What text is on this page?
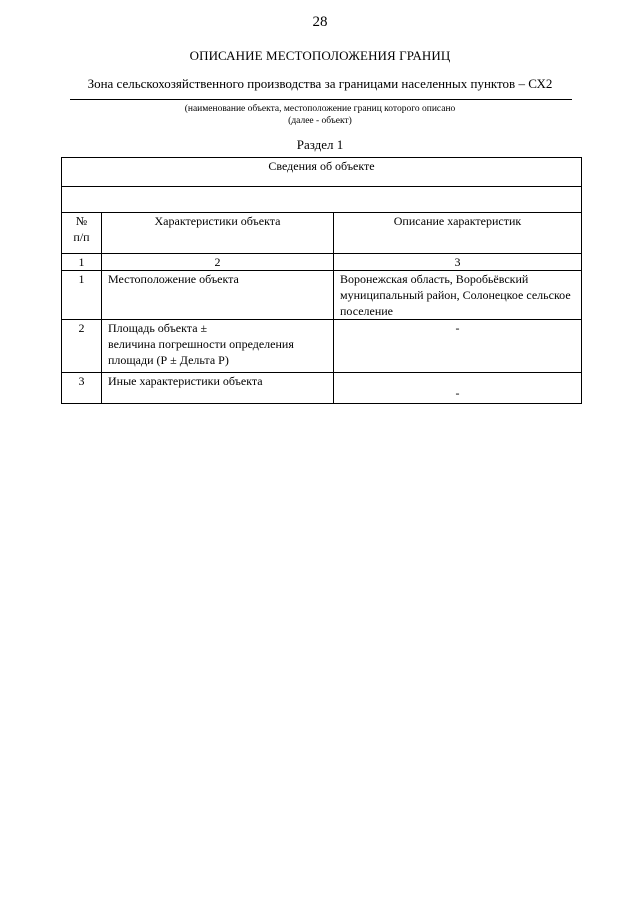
28
ОПИСАНИЕ МЕСТОПОЛОЖЕНИЯ ГРАНИЦ
Зона сельскохозяйственного производства за границами населенных пунктов – СХ2
(наименование объекта, местоположение границ которого описано
(далее - объект)
Раздел 1
Сведения об объекте		

№
п/п	Характеристики объекта	Описание характеристик
1	2	3
1	Местоположение объекта	Воронежская область, Воробьёвский муниципальный район, Солонецкое сельское поселение
2	Площадь объекта ±
величина погрешности определения площади (Р ± Дельта Р)	-
3	Иные характеристики объекта	-
